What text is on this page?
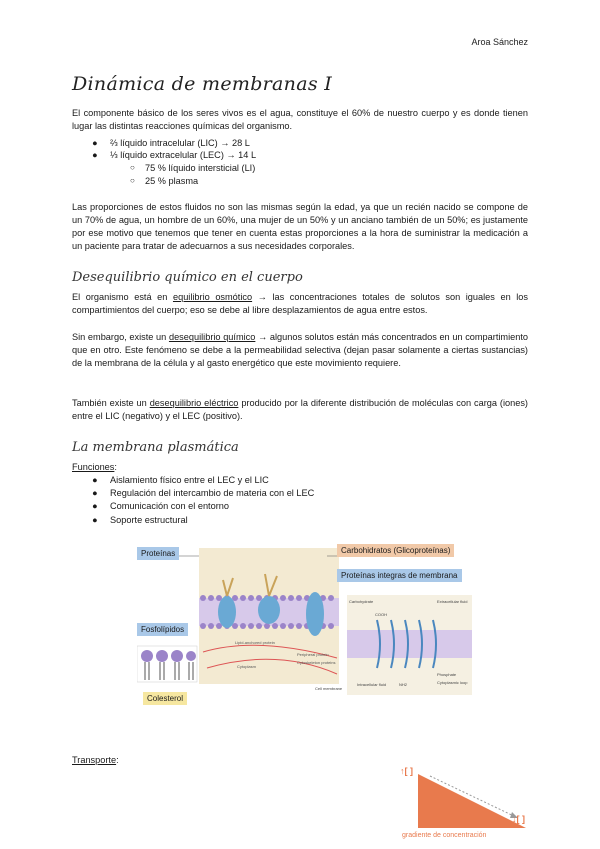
Aroa Sánchez
Dinámica de membranas I
El componente básico de los seres vivos es el agua, constituye el 60% de nuestro cuerpo y es donde tienen lugar las distintas reacciones químicas del organismo.
● ⅔ líquido intracelular (LIC) → 28 L
● ⅓ líquido extracelular (LEC) → 14 L
○ 75 % líquido intersticial (LI)
○ 25 % plasma
Las proporciones de estos fluidos no son las mismas según la edad, ya que un recién nacido se compone de un 70% de agua, un hombre de un 60%, una mujer de un 50% y un anciano también de un 50%; es justamente por ese motivo que tenemos que tener en cuenta estas proporciones a la hora de suministrar la medicación a un paciente para tratar de adecuarnos a sus necesidades corporales.
Desequilibrio químico en el cuerpo
El organismo está en equilibrio osmótico → las concentraciones totales de solutos son iguales en los compartimientos del cuerpo; eso se debe al libre desplazamientos de agua entre estos.
Sin embargo, existe un desequilibrio químico → algunos solutos están más concentrados en un compartimiento que en otro. Este fenómeno se debe a la permeabilidad selectiva (dejan pasar solamente a ciertas sustancias) de la membrana de la célula y al gasto energético que este movimiento requiere.
También existe un desequilibrio eléctrico producido por la diferente distribución de moléculas con carga (iones) entre el LIC (negativo) y el LEC (positivo).
La membrana plasmática
Funciones:
● Aislamiento físico entre el LEC y el LIC
● Regulación del intercambio de materia con el LEC
● Comunicación con el entorno
● Soporte estructural
Lipid-anchored protein
Peripheral protein
Cytoskeleton proteins
Cytoplasm
Carbohydrate	Extracellular fluid
COOH
Cell membrane
Intracellular fluid	NH2
Phosphate
Cytoplasmic loop
Proteínas	Carbohidratos (Glicoproteínas)
Proteínas integras de membrana
Fosfolípidos
Colesterol
Transporte:
↑[ ]
↓[ ]
gradiente de concentración
